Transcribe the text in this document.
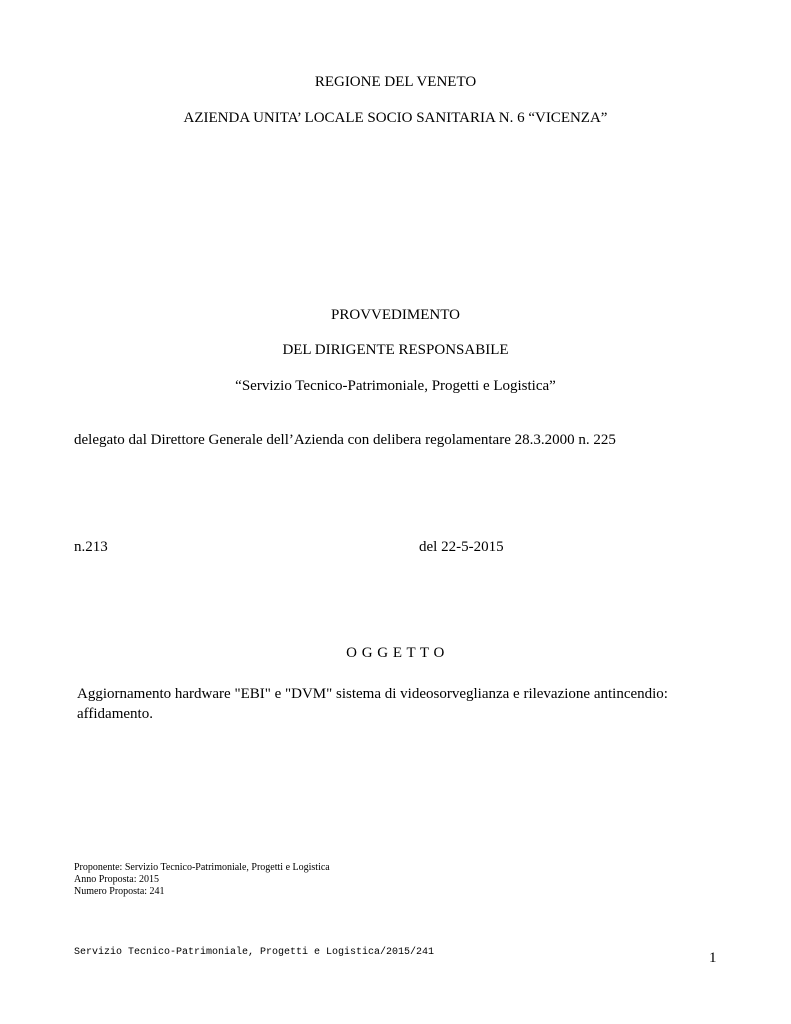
REGIONE DEL VENETO
AZIENDA UNITA’ LOCALE SOCIO SANITARIA N. 6 “VICENZA”
PROVVEDIMENTO
DEL DIRIGENTE RESPONSABILE
“Servizio Tecnico-Patrimoniale, Progetti e Logistica”
delegato dal Direttore Generale dell’Azienda con delibera regolamentare 28.3.2000 n. 225
n.213	del 22-5-2015
O G G E T T O
Aggiornamento hardware "EBI" e "DVM" sistema di videosorveglianza e rilevazione antincendio: affidamento.
Proponente: Servizio Tecnico-Patrimoniale, Progetti e Logistica
Anno Proposta: 2015
Numero Proposta: 241
Servizio Tecnico-Patrimoniale, Progetti e Logistica/2015/241	1
